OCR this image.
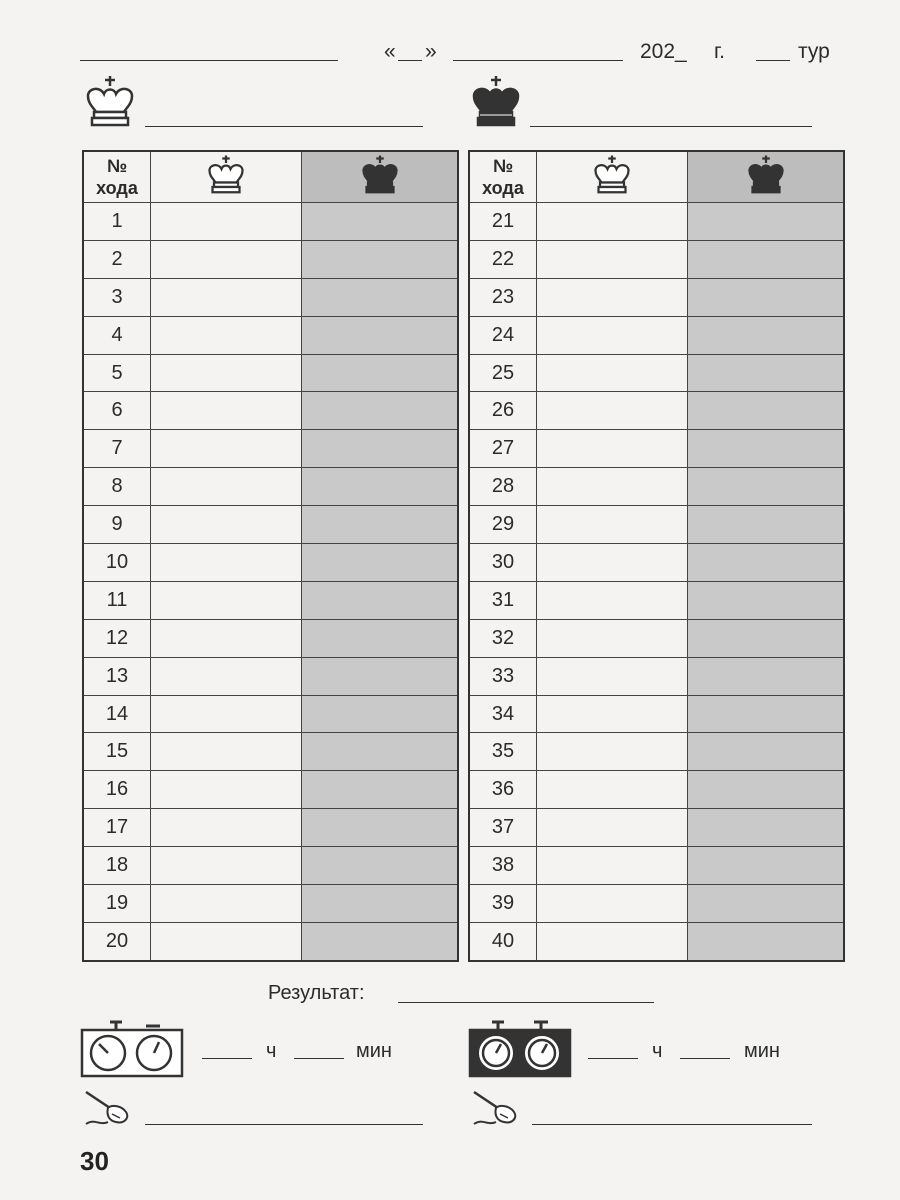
« »	202_ г.	тур
№
хода		
1		
2		
3		
4		
5		
6		
7		
8		
9		
10		
11		
12		
13		
14		
15		
16		
17		
18		
19		
20		
№
хода		
21		
22		
23		
24		
25		
26		
27		
28		
29		
30		
31		
32		
33		
34		
35		
36		
37		
38		
39		
40		
Результат:
ч	мин	ч	мин
30
